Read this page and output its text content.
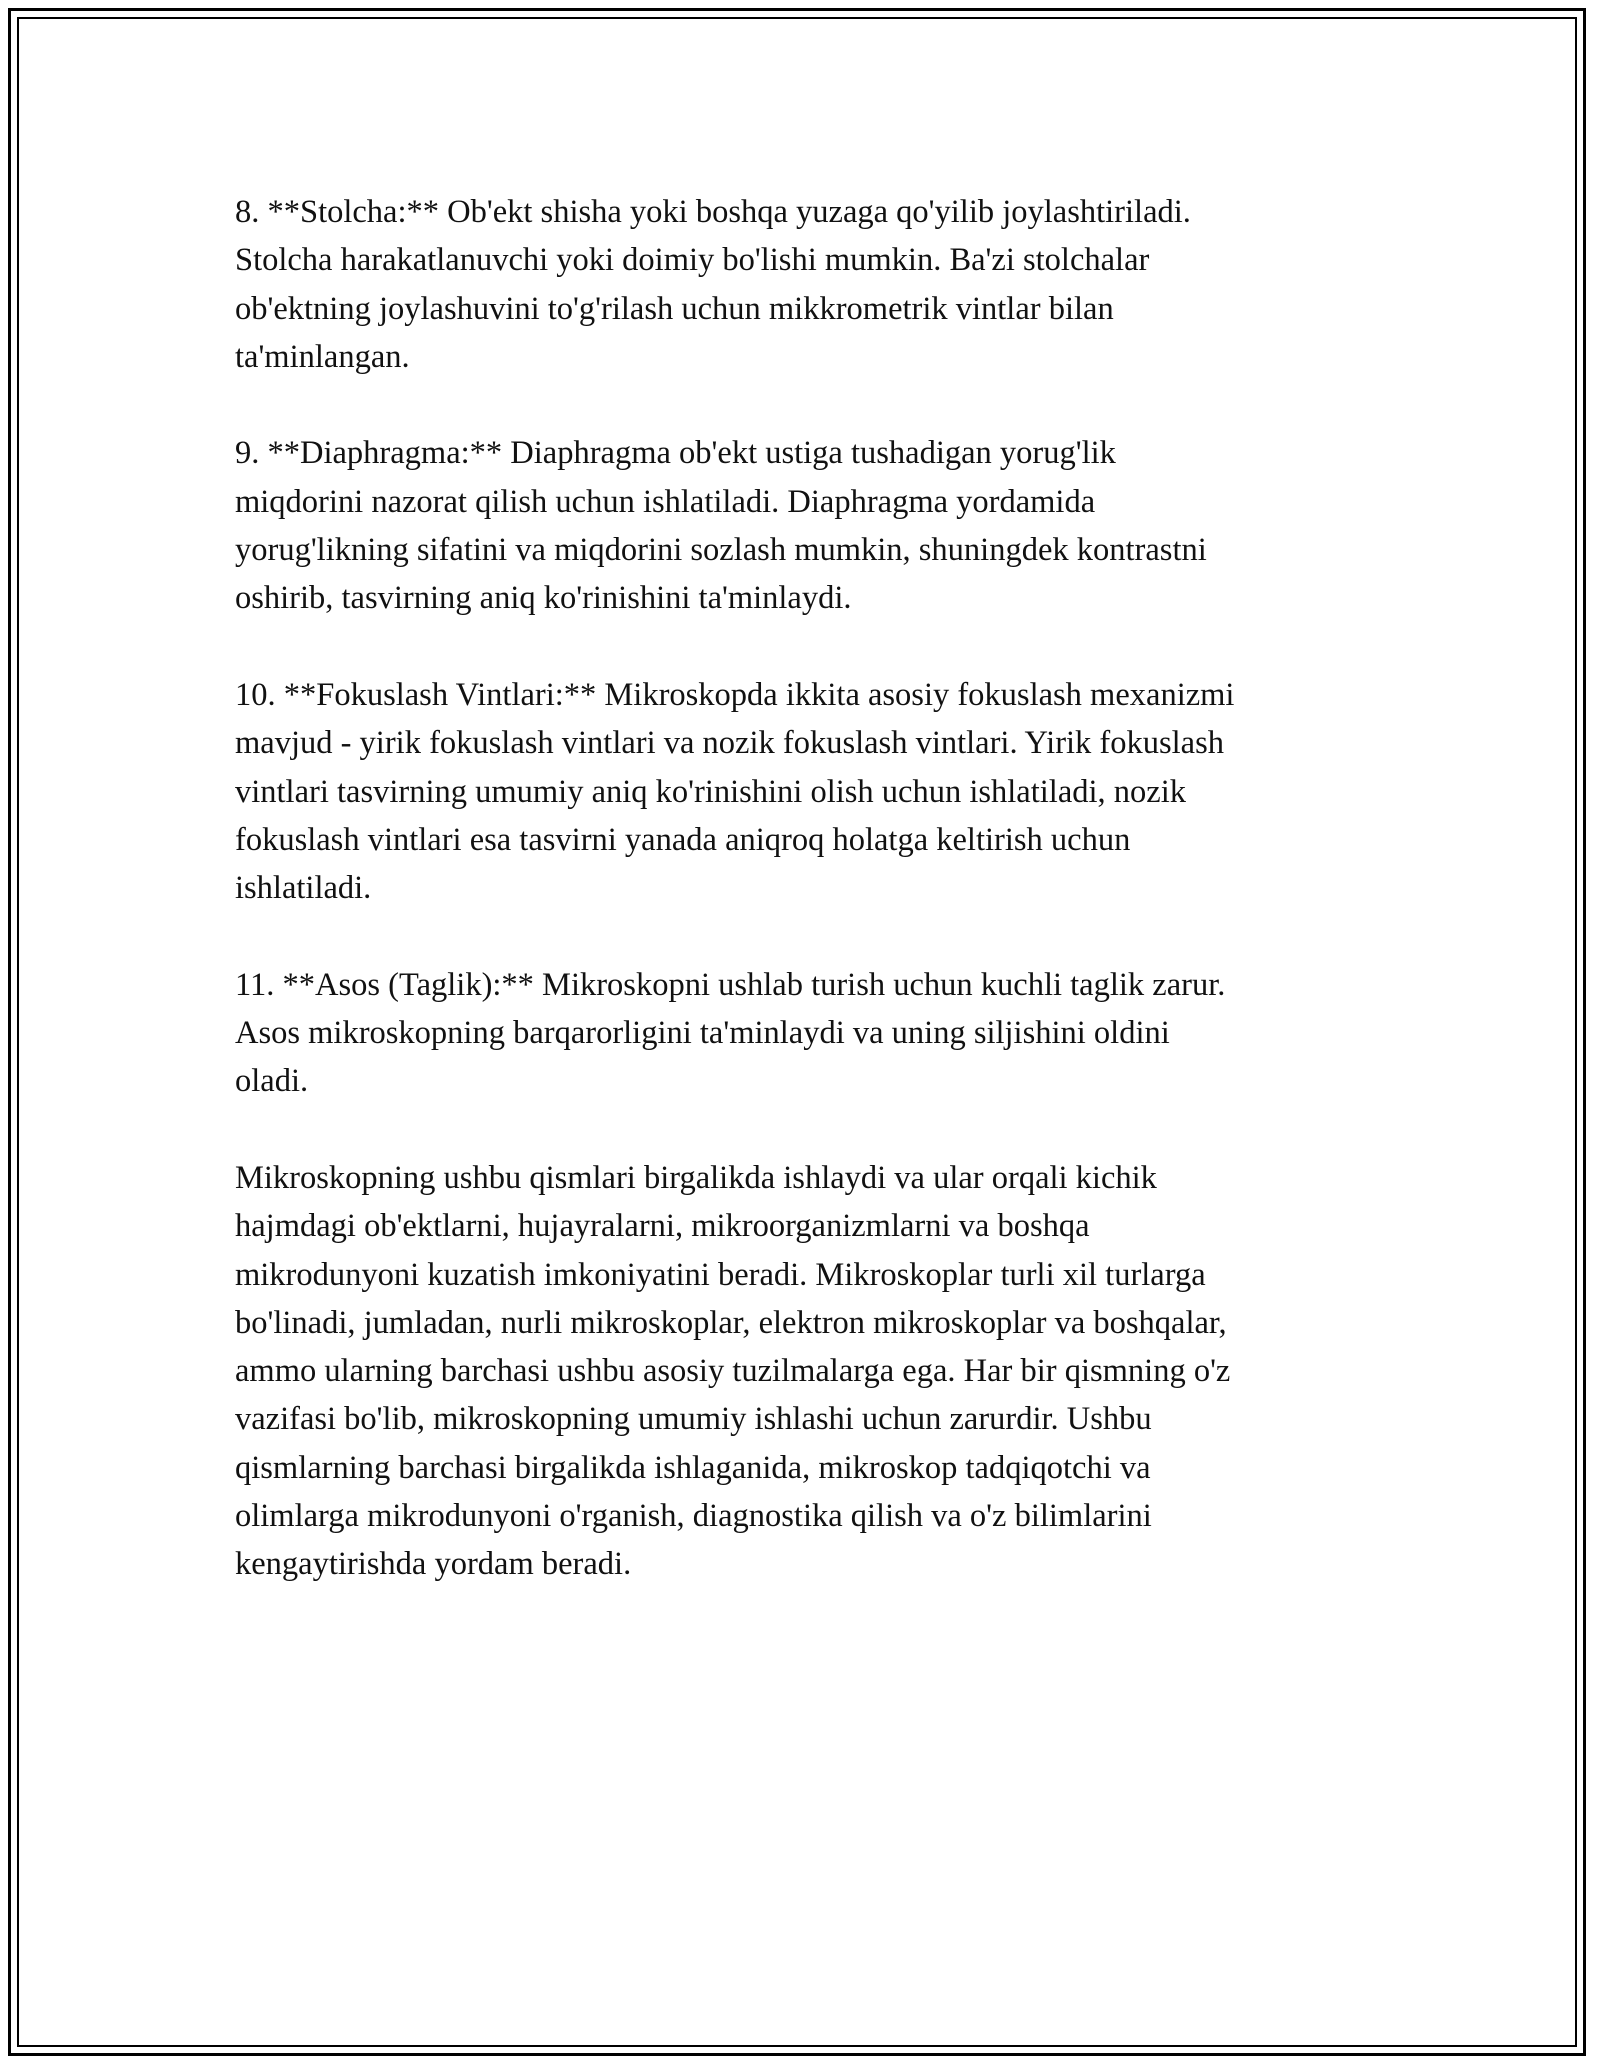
8. **Stolcha:** Ob'ekt shisha yoki boshqa yuzaga qo'yilib joylashtiriladi.
Stolcha harakatlanuvchi yoki doimiy bo'lishi mumkin. Ba'zi stolchalar
ob'ektning joylashuvini to'g'rilash uchun mikkrometrik vintlar bilan
ta'minlangan.

9. **Diaphragma:** Diaphragma ob'ekt ustiga tushadigan yorug'lik
miqdorini nazorat qilish uchun ishlatiladi. Diaphragma yordamida
yorug'likning sifatini va miqdorini sozlash mumkin, shuningdek kontrastni
oshirib, tasvirning aniq ko'rinishini ta'minlaydi.

10. **Fokuslash Vintlari:** Mikroskopda ikkita asosiy fokuslash mexanizmi
mavjud - yirik fokuslash vintlari va nozik fokuslash vintlari. Yirik fokuslash
vintlari tasvirning umumiy aniq ko'rinishini olish uchun ishlatiladi, nozik
fokuslash vintlari esa tasvirni yanada aniqroq holatga keltirish uchun
ishlatiladi.

11. **Asos (Taglik):** Mikroskopni ushlab turish uchun kuchli taglik zarur.
Asos mikroskopning barqarorligini ta'minlaydi va uning siljishini oldini
oladi.

Mikroskopning ushbu qismlari birgalikda ishlaydi va ular orqali kichik
hajmdagi ob'ektlarni, hujayralarni, mikroorganizmlarni va boshqa
mikrodunyoni kuzatish imkoniyatini beradi. Mikroskoplar turli xil turlarga
bo'linadi, jumladan, nurli mikroskoplar, elektron mikroskoplar va boshqalar,
ammo ularning barchasi ushbu asosiy tuzilmalarga ega. Har bir qismning o'z
vazifasi bo'lib, mikroskopning umumiy ishlashi uchun zarurdir. Ushbu
qismlarning barchasi birgalikda ishlaganida, mikroskop tadqiqotchi va
olimlarga mikrodunyoni o'rganish, diagnostika qilish va o'z bilimlarini
kengaytirishda yordam beradi.
